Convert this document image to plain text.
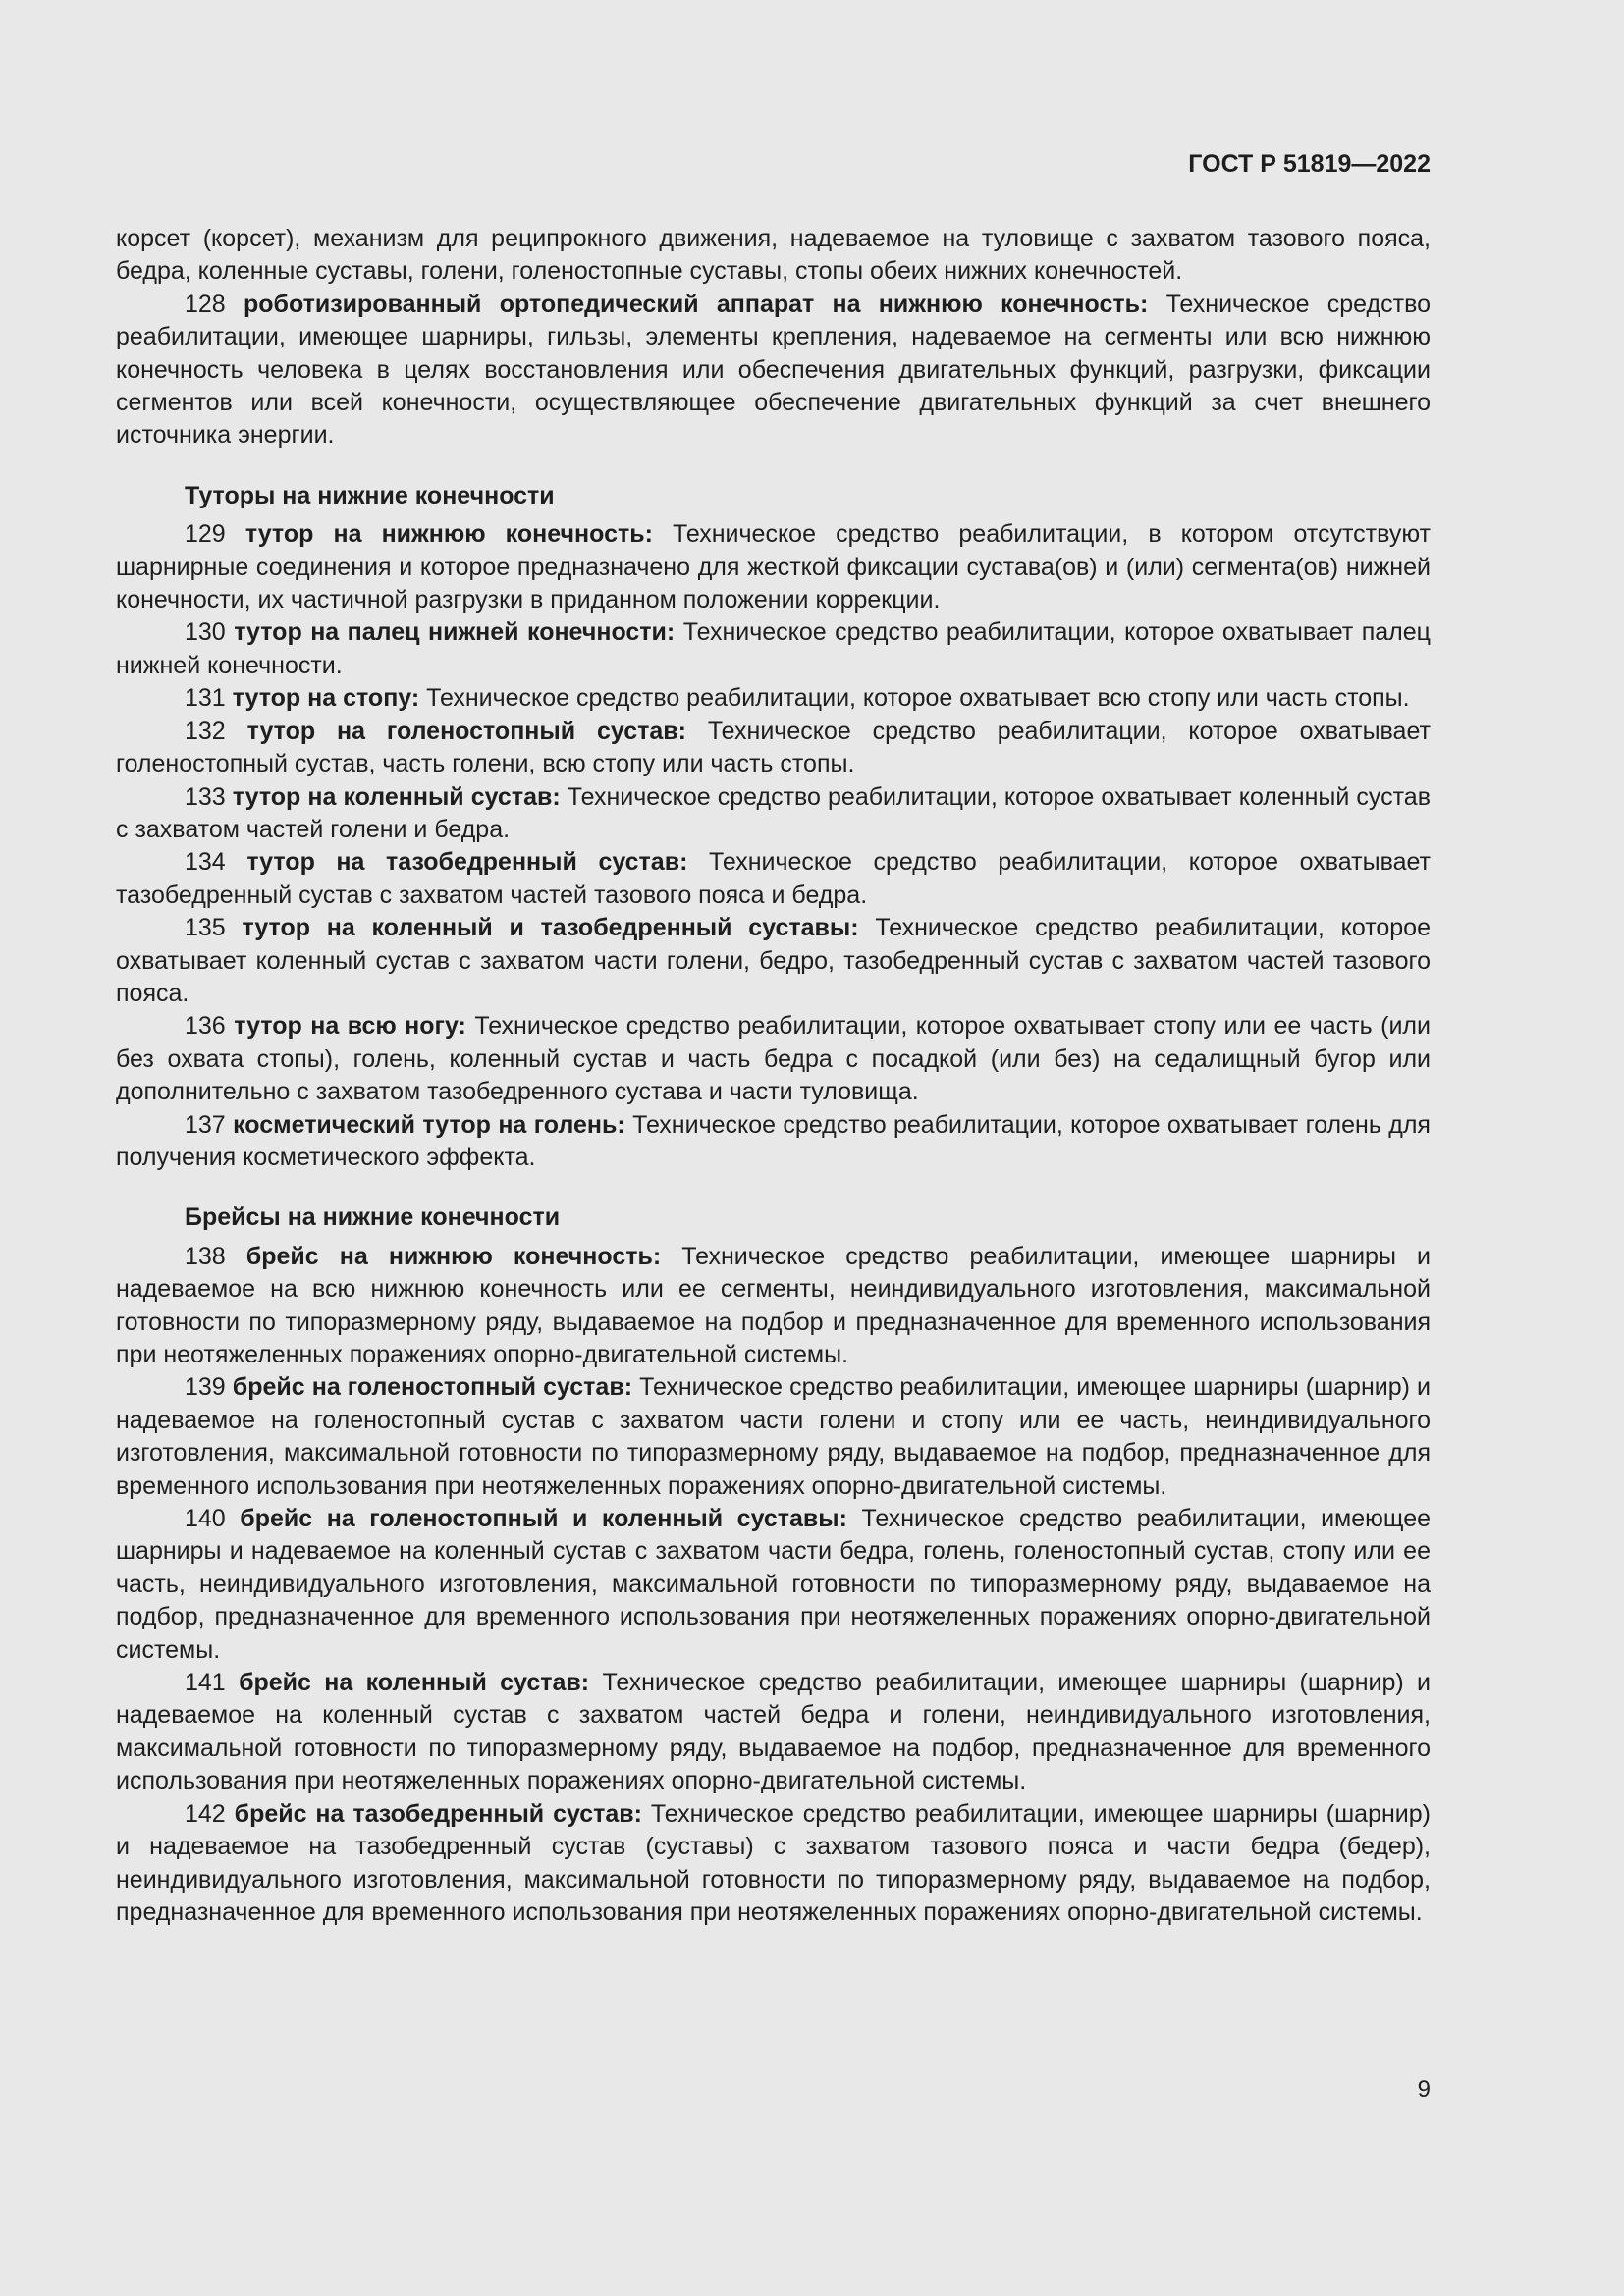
ГОСТ Р 51819—2022

корсет (корсет), механизм для реципрокного движения, надеваемое на туловище с захватом тазового пояса, бедра, коленные суставы, голени, голеностопные суставы, стопы обеих нижних конечностей.

128 роботизированный ортопедический аппарат на нижнюю конечность: Техническое средство реабилитации, имеющее шарниры, гильзы, элементы крепления, надеваемое на сегменты или всю нижнюю конечность человека в целях восстановления или обеспечения двигательных функций, разгрузки, фиксации сегментов или всей конечности, осуществляющее обеспечение двигательных функций за счет внешнего источника энергии.

Туторы на нижние конечности

129 тутор на нижнюю конечность: Техническое средство реабилитации, в котором отсутствуют шарнирные соединения и которое предназначено для жесткой фиксации сустава(ов) и (или) сегмента(ов) нижней конечности, их частичной разгрузки в приданном положении коррекции.

130 тутор на палец нижней конечности: Техническое средство реабилитации, которое охватывает палец нижней конечности.

131 тутор на стопу: Техническое средство реабилитации, которое охватывает всю стопу или часть стопы.

132 тутор на голеностопный сустав: Техническое средство реабилитации, которое охватывает голеностопный сустав, часть голени, всю стопу или часть стопы.

133 тутор на коленный сустав: Техническое средство реабилитации, которое охватывает коленный сустав с захватом частей голени и бедра.

134 тутор на тазобедренный сустав: Техническое средство реабилитации, которое охватывает тазобедренный сустав с захватом частей тазового пояса и бедра.

135 тутор на коленный и тазобедренный суставы: Техническое средство реабилитации, которое охватывает коленный сустав с захватом части голени, бедро, тазобедренный сустав с захватом частей тазового пояса.

136 тутор на всю ногу: Техническое средство реабилитации, которое охватывает стопу или ее часть (или без охвата стопы), голень, коленный сустав и часть бедра с посадкой (или без) на седалищный бугор или дополнительно с захватом тазобедренного сустава и части туловища.

137 косметический тутор на голень: Техническое средство реабилитации, которое охватывает голень для получения косметического эффекта.

Брейсы на нижние конечности

138 брейс на нижнюю конечность: Техническое средство реабилитации, имеющее шарниры и надеваемое на всю нижнюю конечность или ее сегменты, неиндивидуального изготовления, максимальной готовности по типоразмерному ряду, выдаваемое на подбор и предназначенное для временного использования при неотяжеленных поражениях опорно-двигательной системы.

139 брейс на голеностопный сустав: Техническое средство реабилитации, имеющее шарниры (шарнир) и надеваемое на голеностопный сустав с захватом части голени и стопу или ее часть, неиндивидуального изготовления, максимальной готовности по типоразмерному ряду, выдаваемое на подбор, предназначенное для временного использования при неотяжеленных поражениях опорно-двигательной системы.

140 брейс на голеностопный и коленный суставы: Техническое средство реабилитации, имеющее шарниры и надеваемое на коленный сустав с захватом части бедра, голень, голеностопный сустав, стопу или ее часть, неиндивидуального изготовления, максимальной готовности по типоразмерному ряду, выдаваемое на подбор, предназначенное для временного использования при неотяжеленных поражениях опорно-двигательной системы.

141 брейс на коленный сустав: Техническое средство реабилитации, имеющее шарниры (шарнир) и надеваемое на коленный сустав с захватом частей бедра и голени, неиндивидуального изготовления, максимальной готовности по типоразмерному ряду, выдаваемое на подбор, предназначенное для временного использования при неотяжеленных поражениях опорно-двигательной системы.

142 брейс на тазобедренный сустав: Техническое средство реабилитации, имеющее шарниры (шарнир) и надеваемое на тазобедренный сустав (суставы) с захватом тазового пояса и части бедра (бедер), неиндивидуального изготовления, максимальной готовности по типоразмерному ряду, выдаваемое на подбор, предназначенное для временного использования при неотяжеленных поражениях опорно-двигательной системы.

9
